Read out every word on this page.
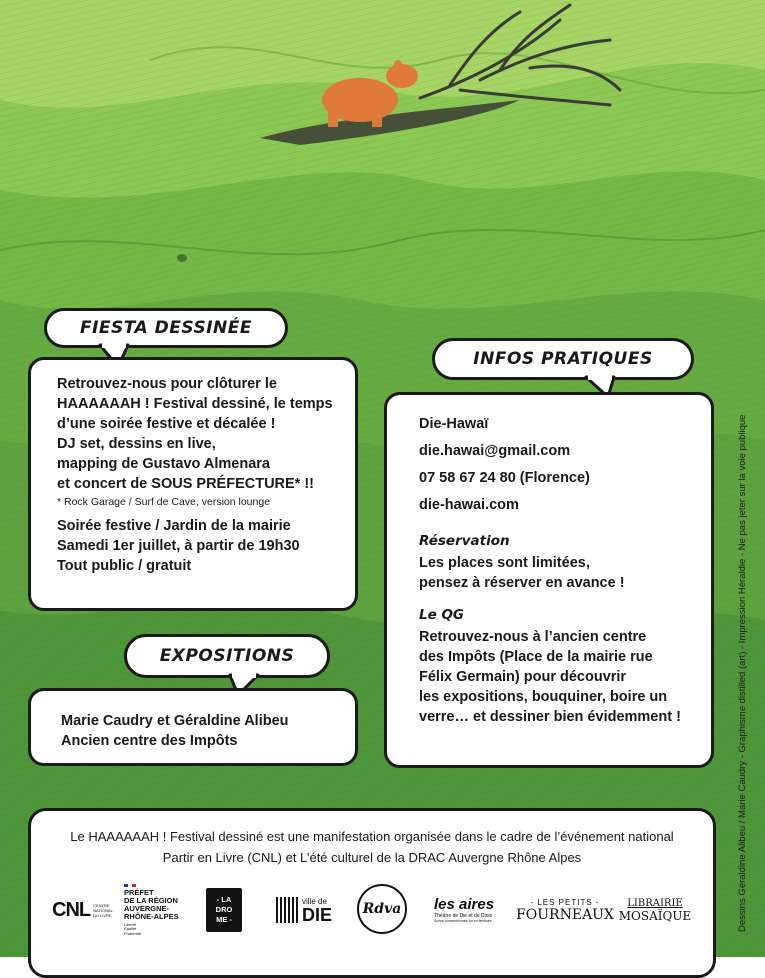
FIESTA DESSINÉE
Retrouvez-nous pour clôturer le
HAAAAAAH ! Festival dessiné, le temps
d’une soirée festive et décalée !
DJ set, dessins en live,
mapping de Gustavo Almenara
et concert de SOUS PRÉFECTURE* !!
* Rock Garage / Surf de Cave, version lounge
Soirée festive / Jardin de la mairie
Samedi 1er juillet, à partir de 19h30
Tout public / gratuit
EXPOSITIONS
Marie Caudry et Géraldine Alibeu
Ancien centre des Impôts
INFOS PRATIQUES
Die-Hawaï
die.hawai@gmail.com
07 58 67 24 80 (Florence)
die-hawai.com
Réservation
Les places sont limitées,
pensez à réserver en avance !
Le QG
Retrouvez-nous à l’ancien centre
des Impôts (Place de la mairie rue
Félix Germain) pour découvrir
les expositions, bouquiner, boire un
verre… et dessiner bien évidemment !	Dessins Géraldine Alibeu / Marie Caudry - Graphisme distilled (art) - Impression Héraldie - Ne pas jeter sur la voie publique
Le HAAAAAAH ! Festival dessiné est une manifestation organisée dans le cadre de l’événement national
Partir en Livre (CNL) et L’été culturel de la DRAC Auvergne Rhône Alpes
CNL CENTRE NATIONAL DU LIVRE
PRÉFET
DE LA RÉGION
AUVERGNE-
RHÔNE-ALPES
Liberté
Égalité
Fraternité
- LA
DRO
ME -
ville de
DIE Rdva les aires
Théâtre de Die et du Diois
Scène conventionnée Art en territoire
- LES PETITS -
FOURNEAUX
LIBRAIRIE
MOSAÏQUE
